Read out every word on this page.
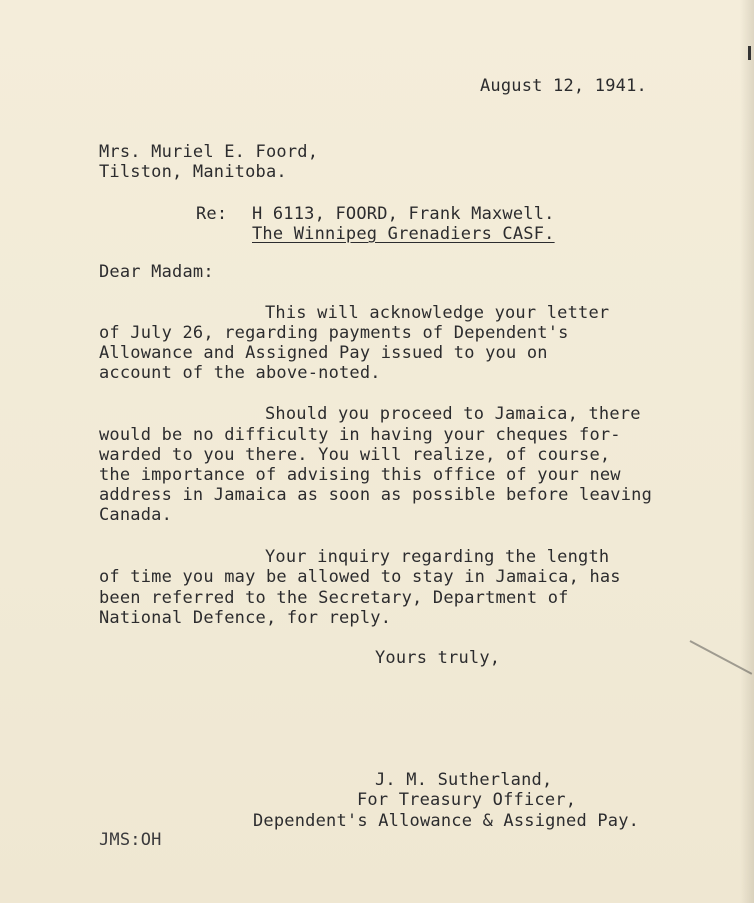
August 12, 1941.
Mrs. Muriel E. Foord,
Tilston, Manitoba.
Re: H 6113, FOORD, Frank Maxwell.
The Winnipeg Grenadiers CASF.
Dear Madam:
This will acknowledge your letter
of July 26, regarding payments of Dependent's
Allowance and Assigned Pay issued to you on
account of the above-noted.
Should you proceed to Jamaica, there
would be no difficulty in having your cheques for-
warded to you there. You will realize, of course,
the importance of advising this office of your new
address in Jamaica as soon as possible before leaving
Canada.
Your inquiry regarding the length
of time you may be allowed to stay in Jamaica, has
been referred to the Secretary, Department of
National Defence, for reply.
Yours truly,
J. M. Sutherland,
For Treasury Officer,
Dependent's Allowance & Assigned Pay.
JMS:OH
